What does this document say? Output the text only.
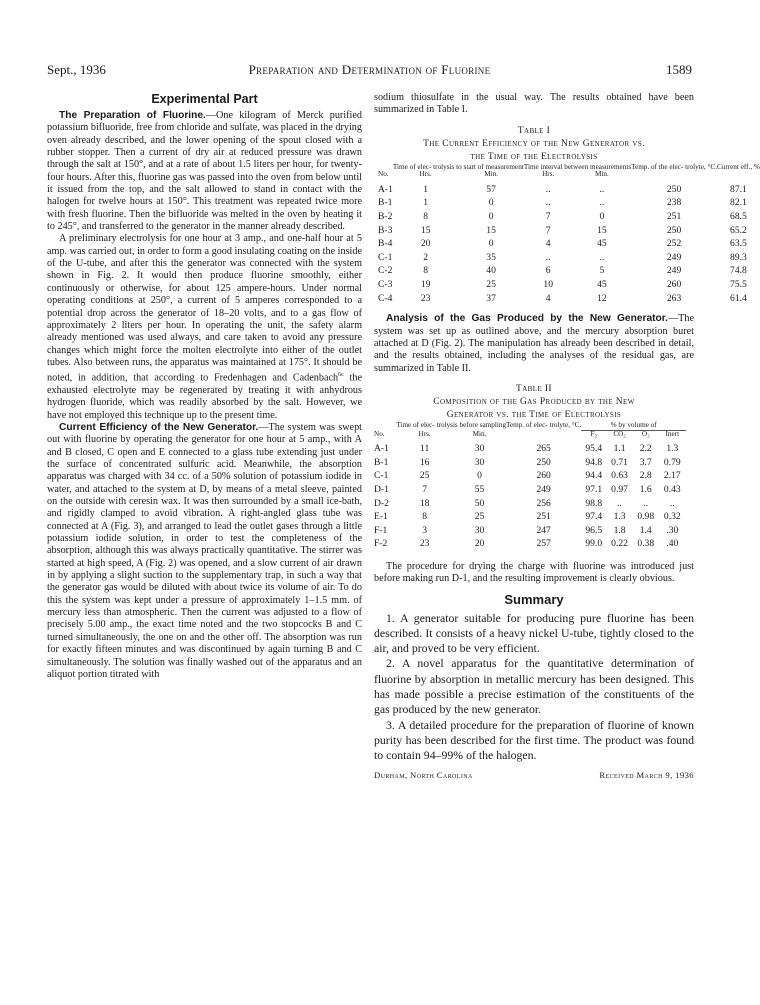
Sept., 1936	Preparation and Determination of Fluorine	1589
Experimental Part

The Preparation of Fluorine.—One kilogram of Merck purified potassium bifluoride, free from chloride and sulfate, was placed in the drying oven already described, and the lower opening of the spout closed with a rubber stopper. Then a current of dry air at reduced pressure was drawn through the salt at 150°, and at a rate of about 1.5 liters per hour, for twenty-four hours. After this, fluorine gas was passed into the oven from below until it issued from the top, and the salt allowed to stand in contact with the halogen for twelve hours at 150°. This treatment was repeated twice more with fresh fluorine. Then the bifluoride was melted in the oven by heating it to 245°, and transferred to the generator in the manner already described.

A preliminary electrolysis for one hour at 3 amp., and one-half hour at 5 amp. was carried out, in order to form a good insulating coating on the inside of the U-tube, and after this the generator was connected with the system shown in Fig. 2. It would then produce fluorine smoothly, either continuously or otherwise, for about 125 ampere-hours. Under normal operating conditions at 250°, a current of 5 amperes corresponded to a potential drop across the generator of 18–20 volts, and to a gas flow of approximately 2 liters per hour. In operating the unit, the safety alarm already mentioned was used always, and care taken to avoid any pressure changes which might force the molten electrolyte into either of the outlet tubes. Also between runs, the apparatus was maintained at 175°. It should be noted, in addition, that according to Fredenhagen and Cadenbach$^{6c}$ the exhausted electrolyte may be regenerated by treating it with anhydrous hydrogen fluoride, which was readily absorbed by the salt. However, we have not employed this technique up to the present time.

Current Efficiency of the New Generator.—The system was swept out with fluorine by operating the generator for one hour at 5 amp., with A and B closed, C open and E connected to a glass tube extending just under the surface of concentrated sulfuric acid. Meanwhile, the absorption apparatus was charged with 34 cc. of a 50% solution of potassium iodide in water, and attached to the system at D, by means of a metal sleeve, painted on the outside with ceresin wax. It was then surrounded by a small ice-bath, and rigidly clamped to avoid vibration. A right-angled glass tube was connected at A (Fig. 3), and arranged to lead the outlet gases through a little potassium iodide solution, in order to test the completeness of the absorption, although this was always practically quantitative. The stirrer was started at high speed, A (Fig. 2) was opened, and a slow current of air drawn in by applying a slight suction to the supplementary trap, in such a way that the generator gas would be diluted with about twice its volume of air. To do this the system was kept under a pressure of approximately 1–1.5 mm. of mercury less than atmospheric. Then the current was adjusted to a flow of precisely 5.00 amp., the exact time noted and the two stopcocks B and C turned simultaneously, the one on and the other off. The absorption was run for exactly fifteen minutes and was discontinued by again turning B and C simultaneously. The solution was finally washed out of the apparatus and an aliquot portion titrated with

sodium thiosulfate in the usual way. The results obtained have been summarized in Table I.

Table I

The Current Efficiency of the New Generator vs.

the Time of the Electrolysis

	Time of elec- trolysis to start of measurement		Time interval between measurements		Temp. of the elec- trolyte, °C.	Current eff., %
No.	Hrs.	Min.	Hrs.	Min.		
A-1	1	57	..	..	250	87.1
B-1	1	0	..	..	238	82.1
B-2	8	0	7	0	251	68.5
B-3	15	15	7	15	250	65.2
B-4	20	0	4	45	252	63.5
C-1	2	35	..	..	249	89.3
C-2	8	40	6	5	249	74.8
C-3	19	25	10	45	260	75.5
C-4	23	37	4	12	263	61.4

Analysis of the Gas Produced by the New Generator.—The system was set up as outlined above, and the mercury absorption buret attached at D (Fig. 2). The manipulation has already been described in detail, and the results obtained, including the analyses of the residual gas, are summarized in Table II.

Table II

Composition of the Gas Produced by the New

Generator vs. the Time of Electrolysis

	Time of elec- trolysis before sampling		Temp. of elec- trolyte, °C.	% by volume of			
No.	Hrs.	Min.		F₂	CO₂	O₂	Inert
A-1	11	30	265	95.4	1.1	2.2	1.3
B-1	16	30	250	94.8	0.71	3.7	0.79
C-1	25	0	260	94.4	0.63	2.8	2.17
D-1	7	55	249	97.1	0.97	1.6	0.43
D-2	18	50	256	98.8	..	..	..
E-1	8	25	251	97.4	1.3	0.98	0.32
F-1	3	30	247	96.5	1.8	1.4	.30
F-2	23	20	257	99.0	0.22	0.38	.40

The procedure for drying the charge with fluorine was introduced just before making run D-1, and the resulting improvement is clearly obvious.

Summary

1. A generator suitable for producing pure fluorine has been described. It consists of a heavy nickel U-tube, tightly closed to the air, and proved to be very efficient.

2. A novel apparatus for the quantitative determination of fluorine by absorption in metallic mercury has been designed. This has made possible a precise estimation of the constituents of the gas produced by the new generator.

3. A detailed procedure for the preparation of fluorine of known purity has been described for the first time. The product was found to contain 94–99% of the halogen.

Durham, North Carolina	Received March 9, 1936
